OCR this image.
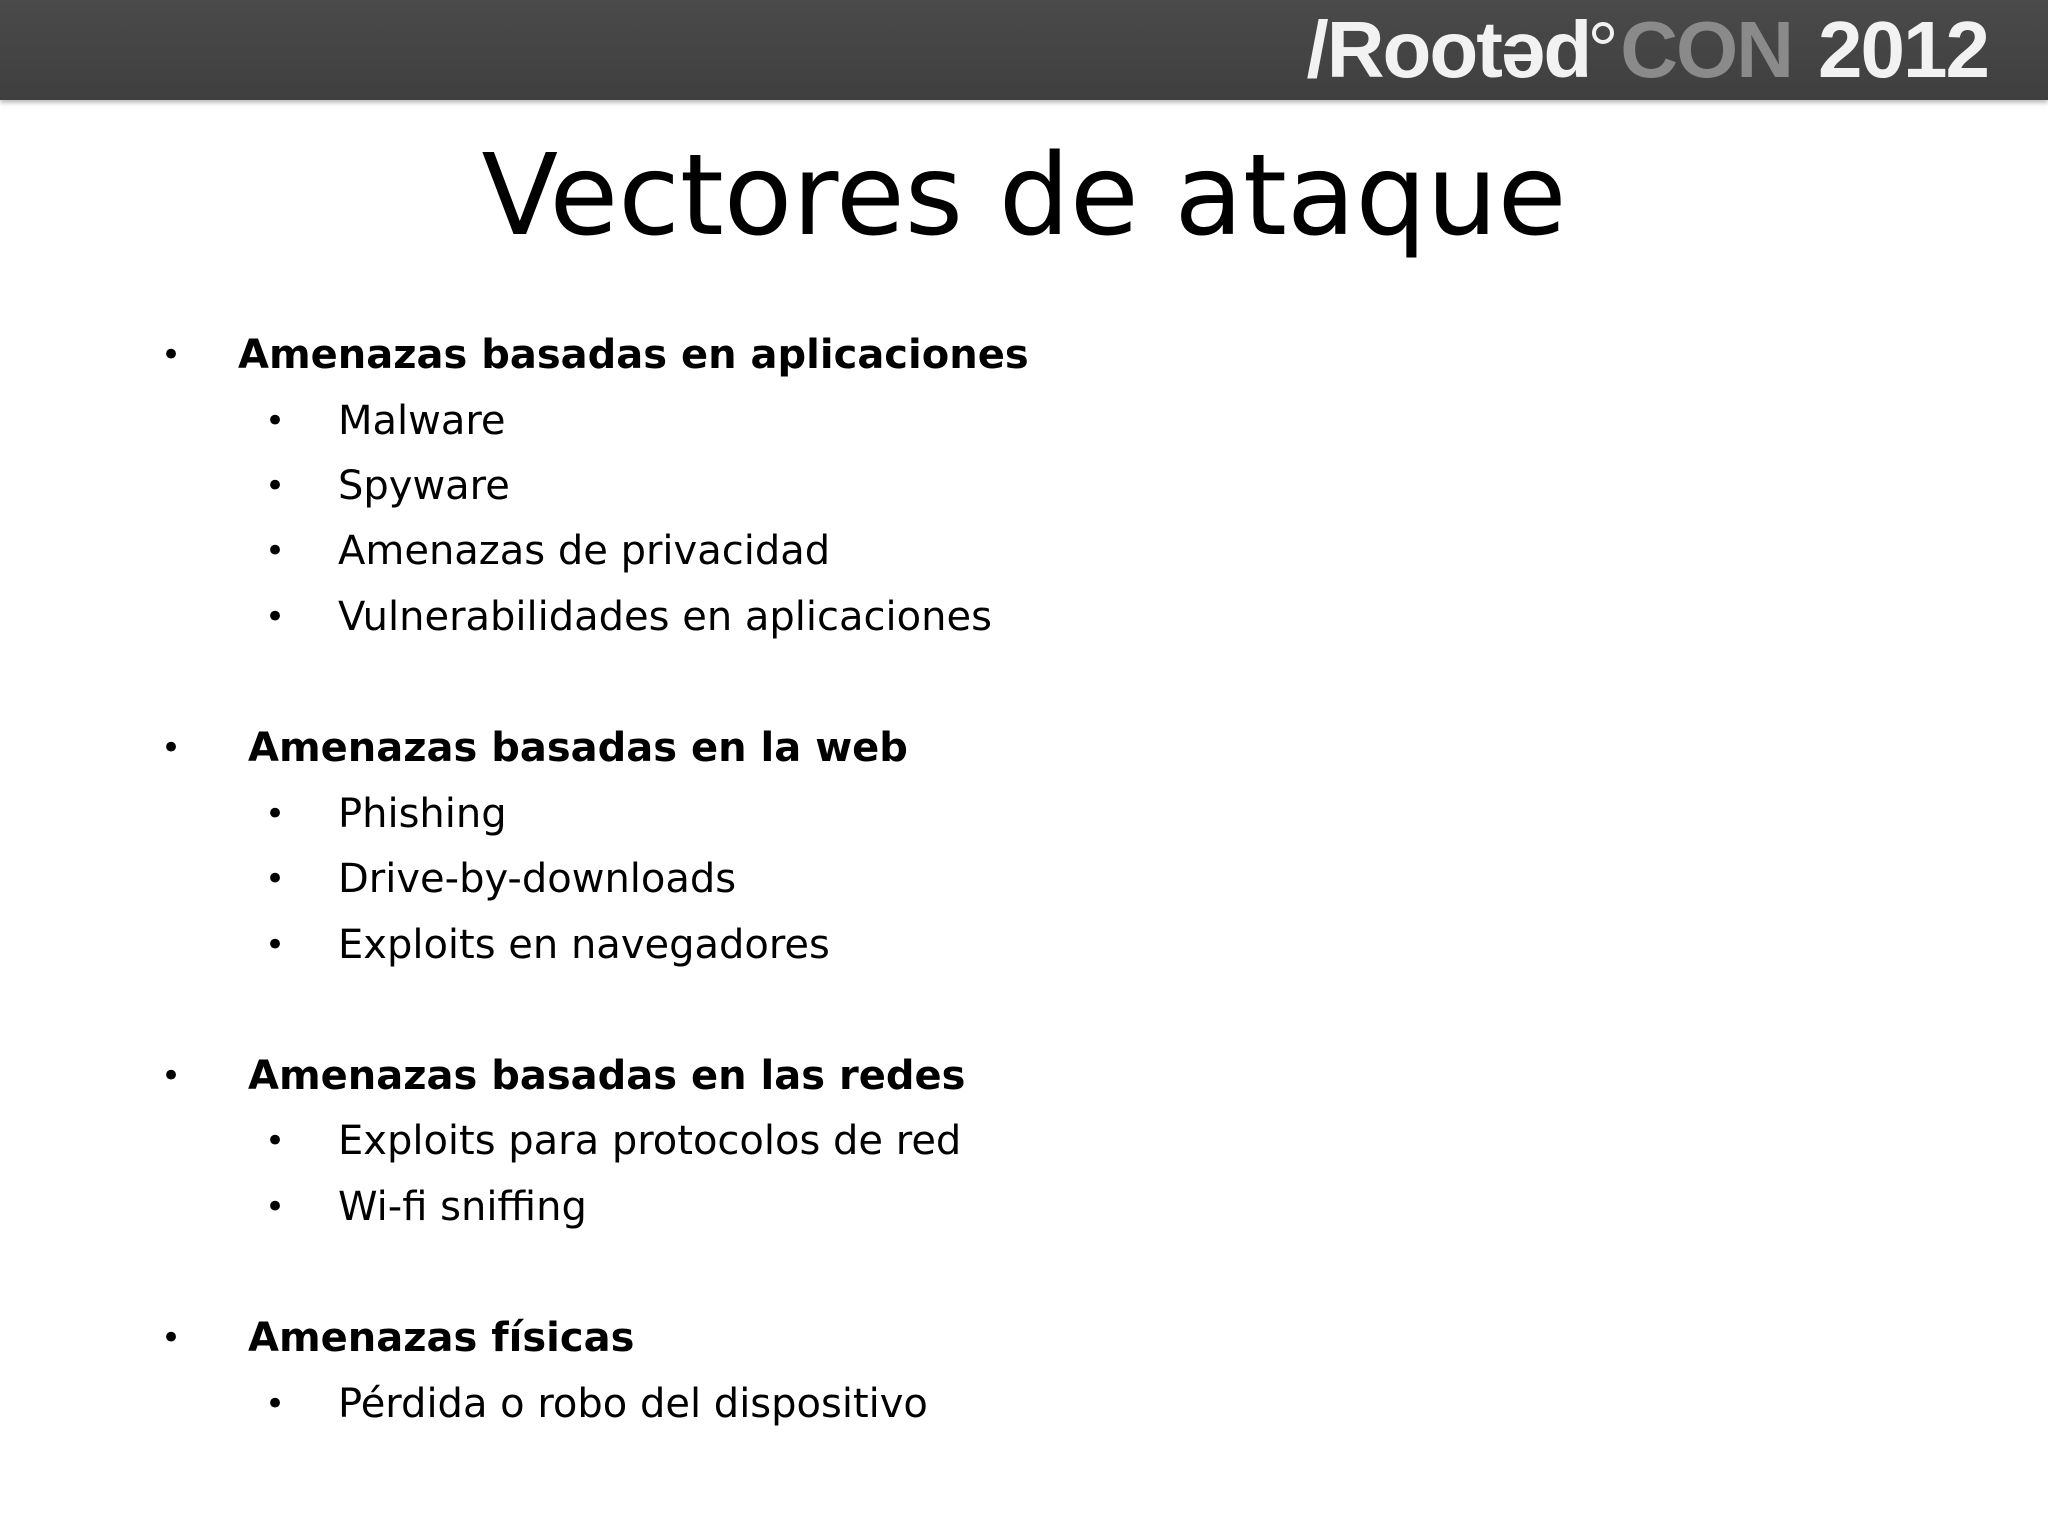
/Rootəd CON 2012
Vectores de ataque
• Amenazas basadas en aplicaciones
• Malware
• Spyware
• Amenazas de privacidad
• Vulnerabilidades en aplicaciones
• Amenazas basadas en la web
• Phishing
• Drive-by-downloads
• Exploits en navegadores
• Amenazas basadas en las redes
• Exploits para protocolos de red
• Wi-fi sniffing
• Amenazas físicas
• Pérdida o robo del dispositivo
